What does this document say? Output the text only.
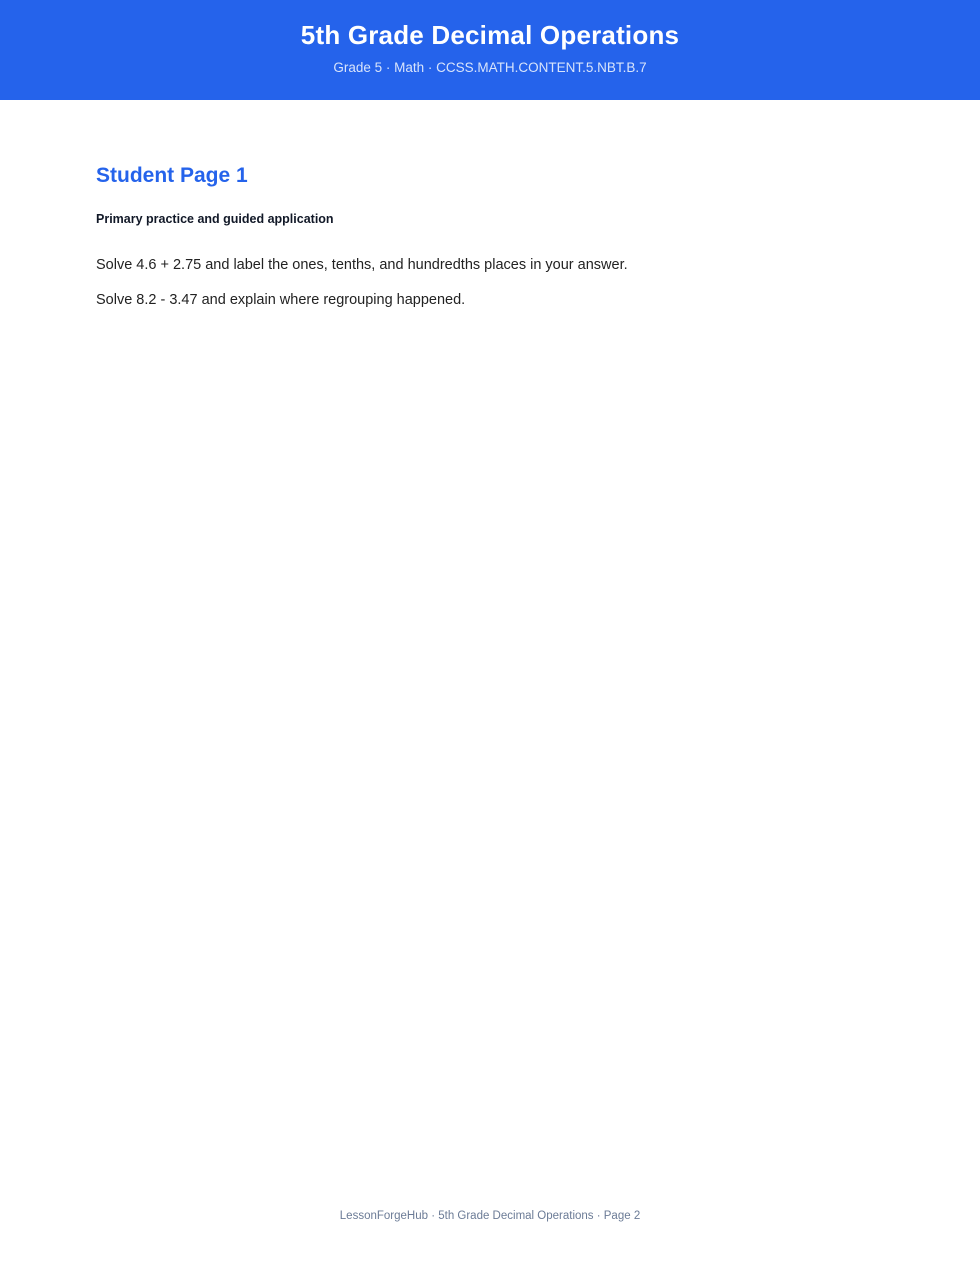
5th Grade Decimal Operations
Grade 5 · Math · CCSS.MATH.CONTENT.5.NBT.B.7
Student Page 1
Primary practice and guided application
Solve 4.6 + 2.75 and label the ones, tenths, and hundredths places in your answer.
Solve 8.2 - 3.47 and explain where regrouping happened.
LessonForgeHub · 5th Grade Decimal Operations · Page 2
